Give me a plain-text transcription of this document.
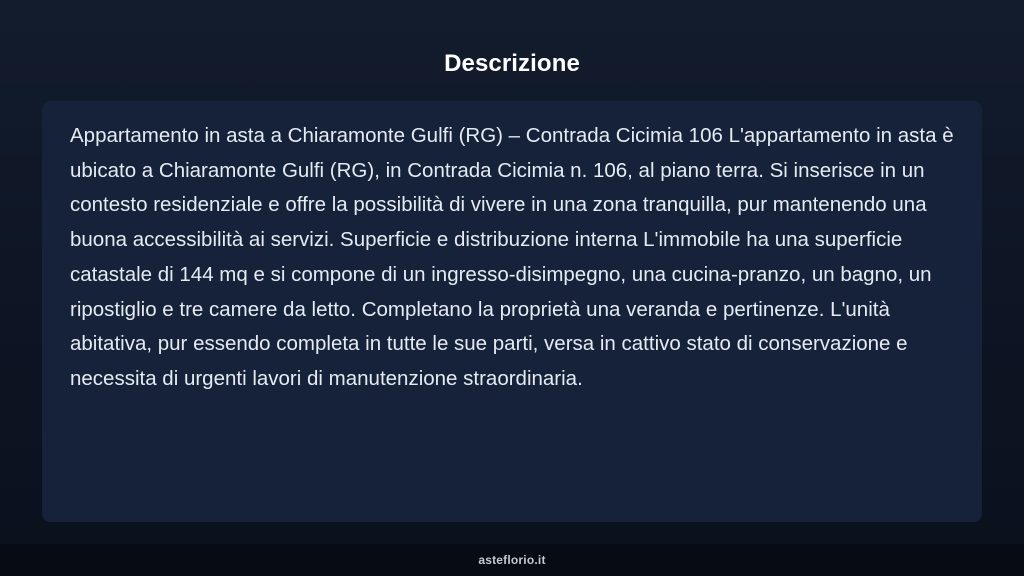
Descrizione

Appartamento in asta a Chiaramonte Gulfi (RG) – Contrada Cicimia 106 L'appartamento in asta è ubicato a Chiaramonte Gulfi (RG), in Contrada Cicimia n. 106, al piano terra. Si inserisce in un contesto residenziale e offre la possibilità di vivere in una zona tranquilla, pur mantenendo una buona accessibilità ai servizi. Superficie e distribuzione interna L'immobile ha una superficie catastale di 144 mq e si compone di un ingresso-disimpegno, una cucina-pranzo, un bagno, un ripostiglio e tre camere da letto. Completano la proprietà una veranda e pertinenze. L'unità abitativa, pur essendo completa in tutte le sue parti, versa in cattivo stato di conservazione e necessita di urgenti lavori di manutenzione straordinaria.

asteflorio.it
